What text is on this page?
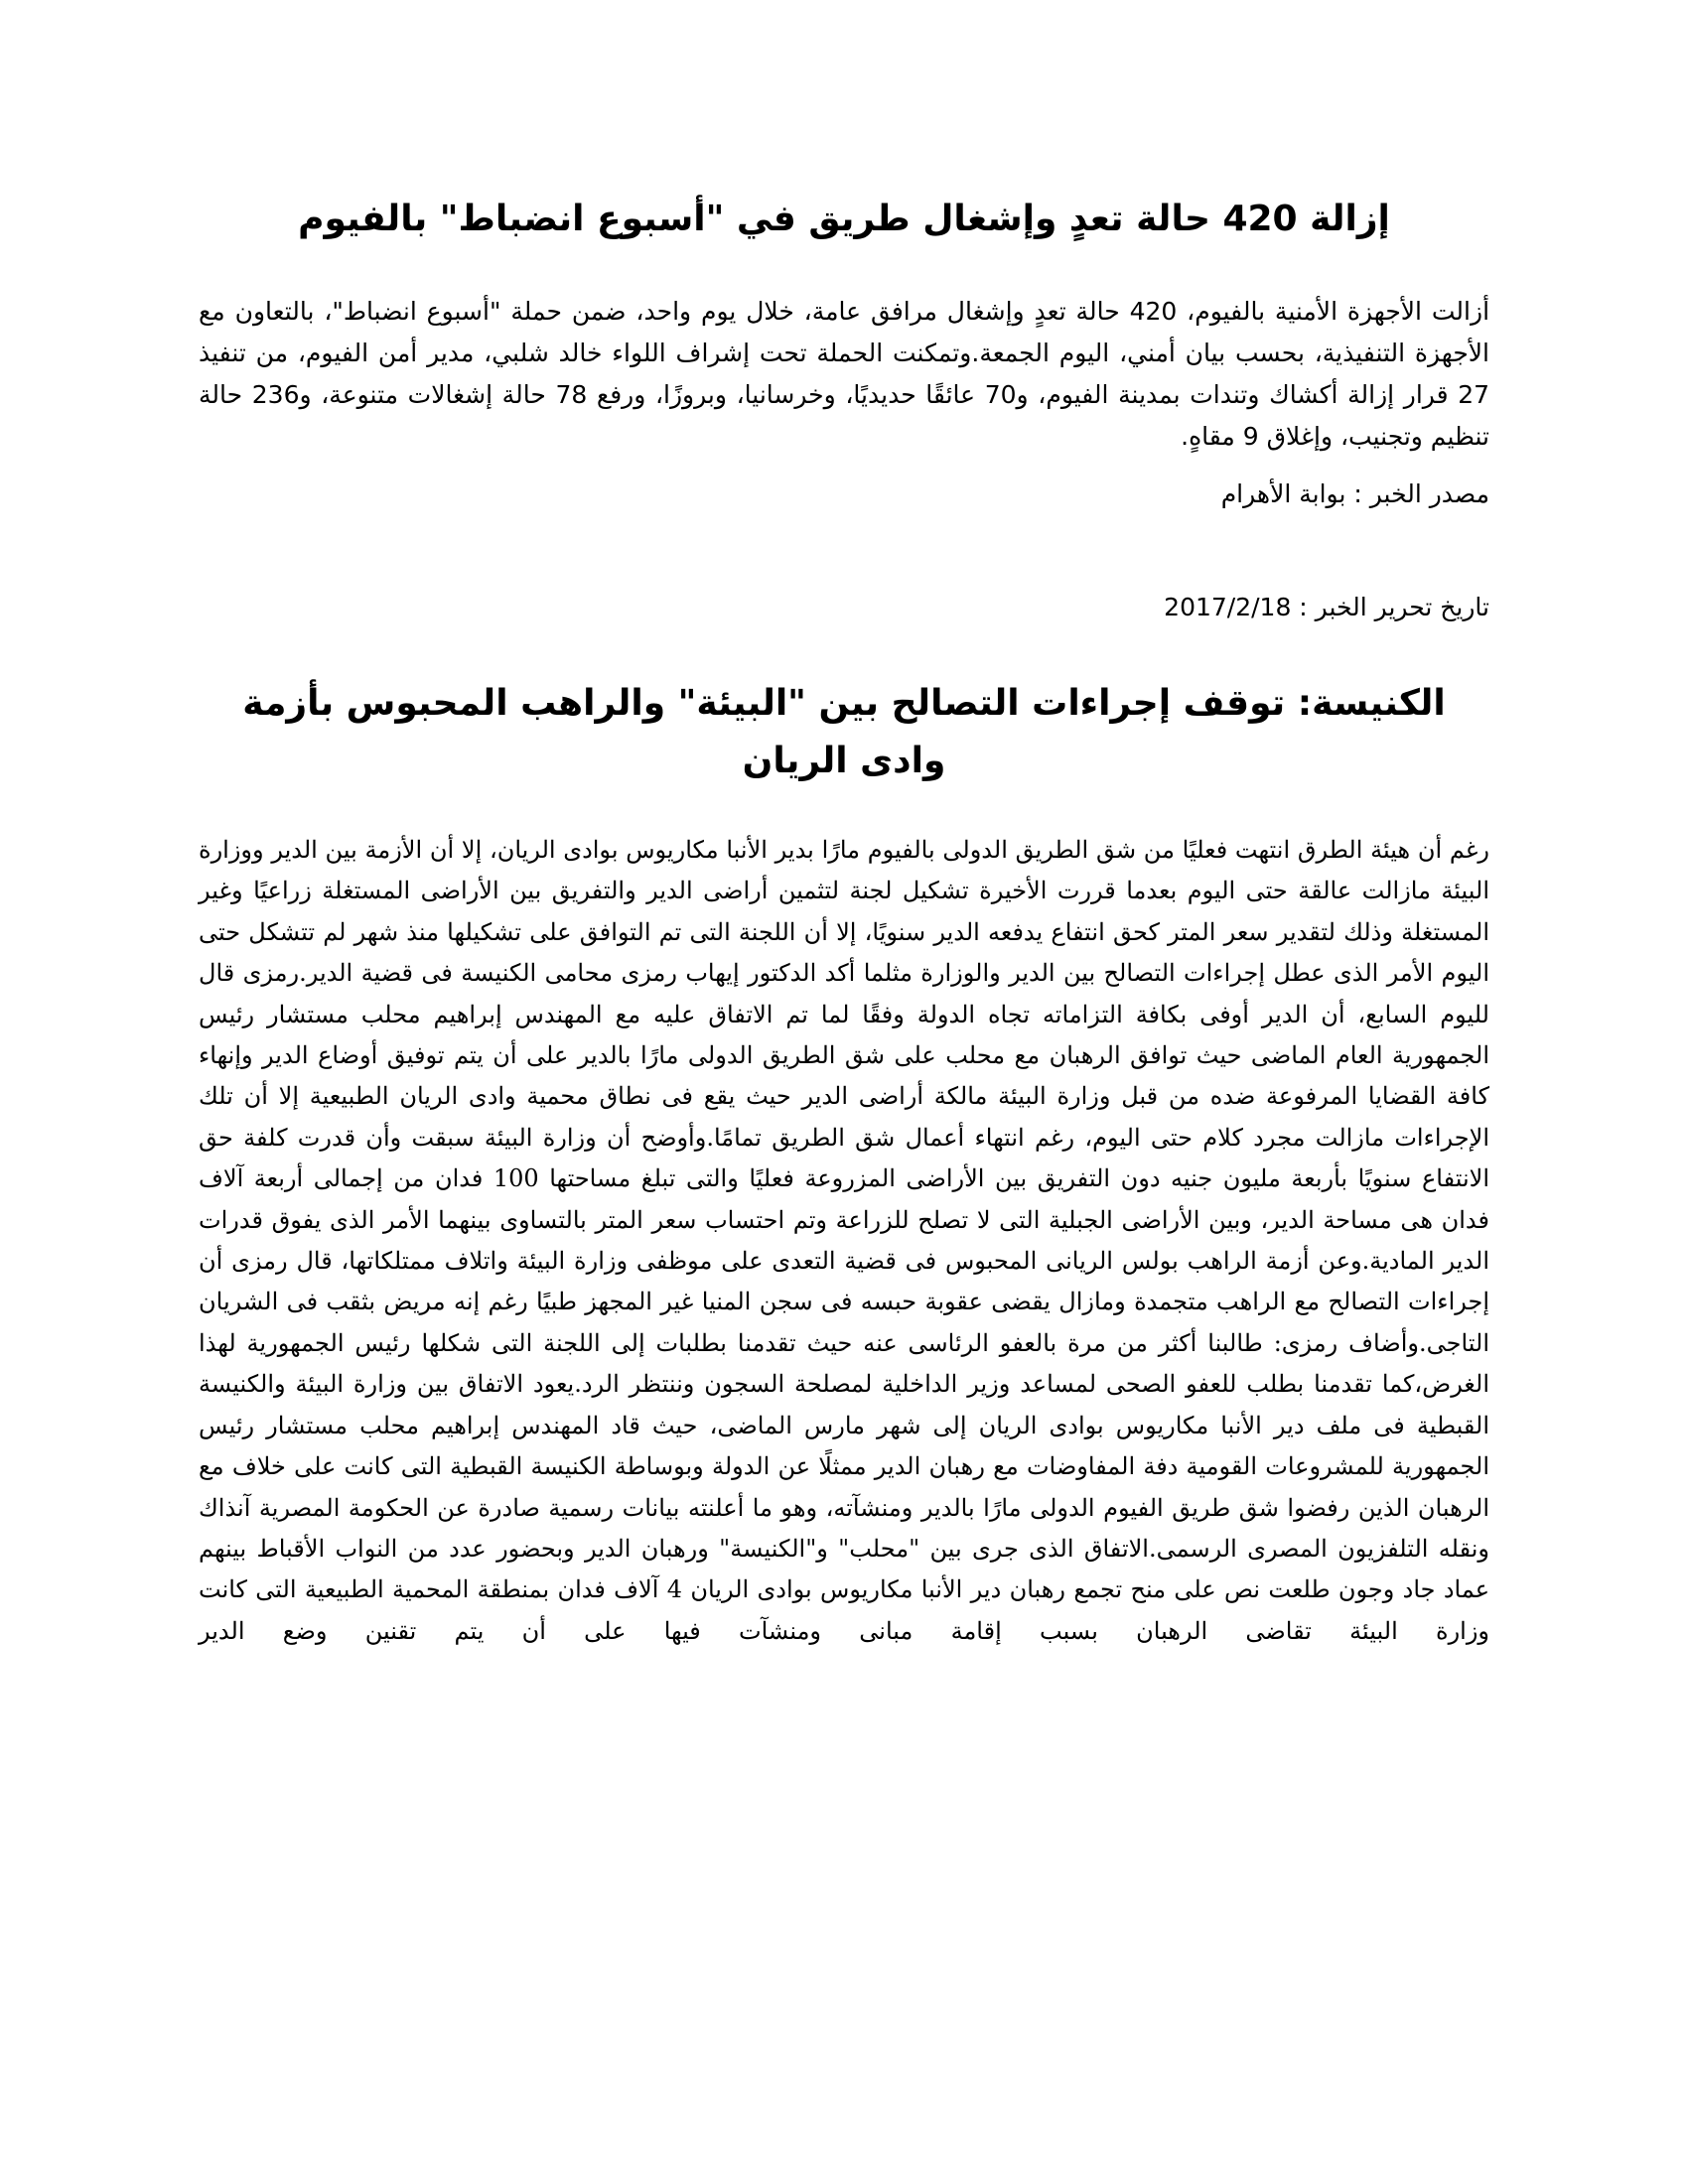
إزالة 420 حالة تعدٍ وإشغال طريق في "أسبوع انضباط" بالفيوم

أزالت الأجهزة الأمنية بالفيوم، 420 حالة تعدٍ وإشغال مرافق عامة، خلال يوم واحد، ضمن حملة "أسبوع انضباط"، بالتعاون مع الأجهزة التنفيذية، بحسب بيان أمني، اليوم الجمعة.وتمكنت الحملة تحت إشراف اللواء خالد شلبي، مدير أمن الفيوم، من تنفيذ 27 قرار إزالة أكشاك وتندات بمدينة الفيوم، و70 عائقًا حديديًا، وخرسانيا، وبروزًا، ورفع 78 حالة إشغالات متنوعة، و236 حالة تنظيم وتجنيب، وإغلاق 9 مقاهٍ.

مصدر الخبر : بوابة الأهرام

تاريخ تحرير الخبر : 2017/2/18

الكنيسة: توقف إجراءات التصالح بين "البيئة" والراهب المحبوس بأزمة وادى الريان

رغم أن هيئة الطرق انتهت فعليًا من شق الطريق الدولى بالفيوم مارًا بدير الأنبا مكاريوس بوادى الريان، إلا أن الأزمة بين الدير ووزارة البيئة مازالت عالقة حتى اليوم بعدما قررت الأخيرة تشكيل لجنة لتثمين أراضى الدير والتفريق بين الأراضى المستغلة زراعيًا وغير المستغلة وذلك لتقدير سعر المتر كحق انتفاع يدفعه الدير سنويًا، إلا أن اللجنة التى تم التوافق على تشكيلها منذ شهر لم تتشكل حتى اليوم الأمر الذى عطل إجراءات التصالح بين الدير والوزارة مثلما أكد الدكتور إيهاب رمزى محامى الكنيسة فى قضية الدير.رمزى قال لليوم السابع، أن الدير أوفى بكافة التزاماته تجاه الدولة وفقًا لما تم الاتفاق عليه مع المهندس إبراهيم محلب مستشار رئيس الجمهورية العام الماضى حيث توافق الرهبان مع محلب على شق الطريق الدولى مارًا بالدير على أن يتم توفيق أوضاع الدير وإنهاء كافة القضايا المرفوعة ضده من قبل وزارة البيئة مالكة أراضى الدير حيث يقع فى نطاق محمية وادى الريان الطبيعية إلا أن تلك الإجراءات مازالت مجرد كلام حتى اليوم، رغم انتهاء أعمال شق الطريق تمامًا.وأوضح أن وزارة البيئة سبقت وأن قدرت كلفة حق الانتفاع سنويًا بأربعة مليون جنيه دون التفريق بين الأراضى المزروعة فعليًا والتى تبلغ مساحتها 100 فدان من إجمالى أربعة آلاف فدان هى مساحة الدير، وبين الأراضى الجبلية التى لا تصلح للزراعة وتم احتساب سعر المتر بالتساوى بينهما الأمر الذى يفوق قدرات الدير المادية.وعن أزمة الراهب بولس الريانى المحبوس فى قضية التعدى على موظفى وزارة البيئة واتلاف ممتلكاتها، قال رمزى أن إجراءات التصالح مع الراهب متجمدة ومازال يقضى عقوبة حبسه فى سجن المنيا غير المجهز طبيًا رغم إنه مريض بثقب فى الشريان التاجى.وأضاف رمزى: طالبنا أكثر من مرة بالعفو الرئاسى عنه حيث تقدمنا بطلبات إلى اللجنة التى شكلها رئيس الجمهورية لهذا الغرض،كما تقدمنا بطلب للعفو الصحى لمساعد وزير الداخلية لمصلحة السجون وننتظر الرد.يعود الاتفاق بين وزارة البيئة والكنيسة القبطية فى ملف دير الأنبا مكاريوس بوادى الريان إلى شهر مارس الماضى، حيث قاد المهندس إبراهيم محلب مستشار رئيس الجمهورية للمشروعات القومية دفة المفاوضات مع رهبان الدير ممثلًا عن الدولة وبوساطة الكنيسة القبطية التى كانت على خلاف مع الرهبان الذين رفضوا شق طريق الفيوم الدولى مارًا بالدير ومنشآته، وهو ما أعلنته بيانات رسمية صادرة عن الحكومة المصرية آنذاك ونقله التلفزيون المصرى الرسمى.الاتفاق الذى جرى بين "محلب" و"الكنيسة" ورهبان الدير وبحضور عدد من النواب الأقباط بينهم عماد جاد وجون طلعت نص على منح تجمع رهبان دير الأنبا مكاريوس بوادى الريان 4 آلاف فدان بمنطقة المحمية الطبيعية التى كانت وزارة البيئة تقاضى الرهبان بسبب إقامة مبانى ومنشآت فيها على أن يتم تقنين وضع الدير
